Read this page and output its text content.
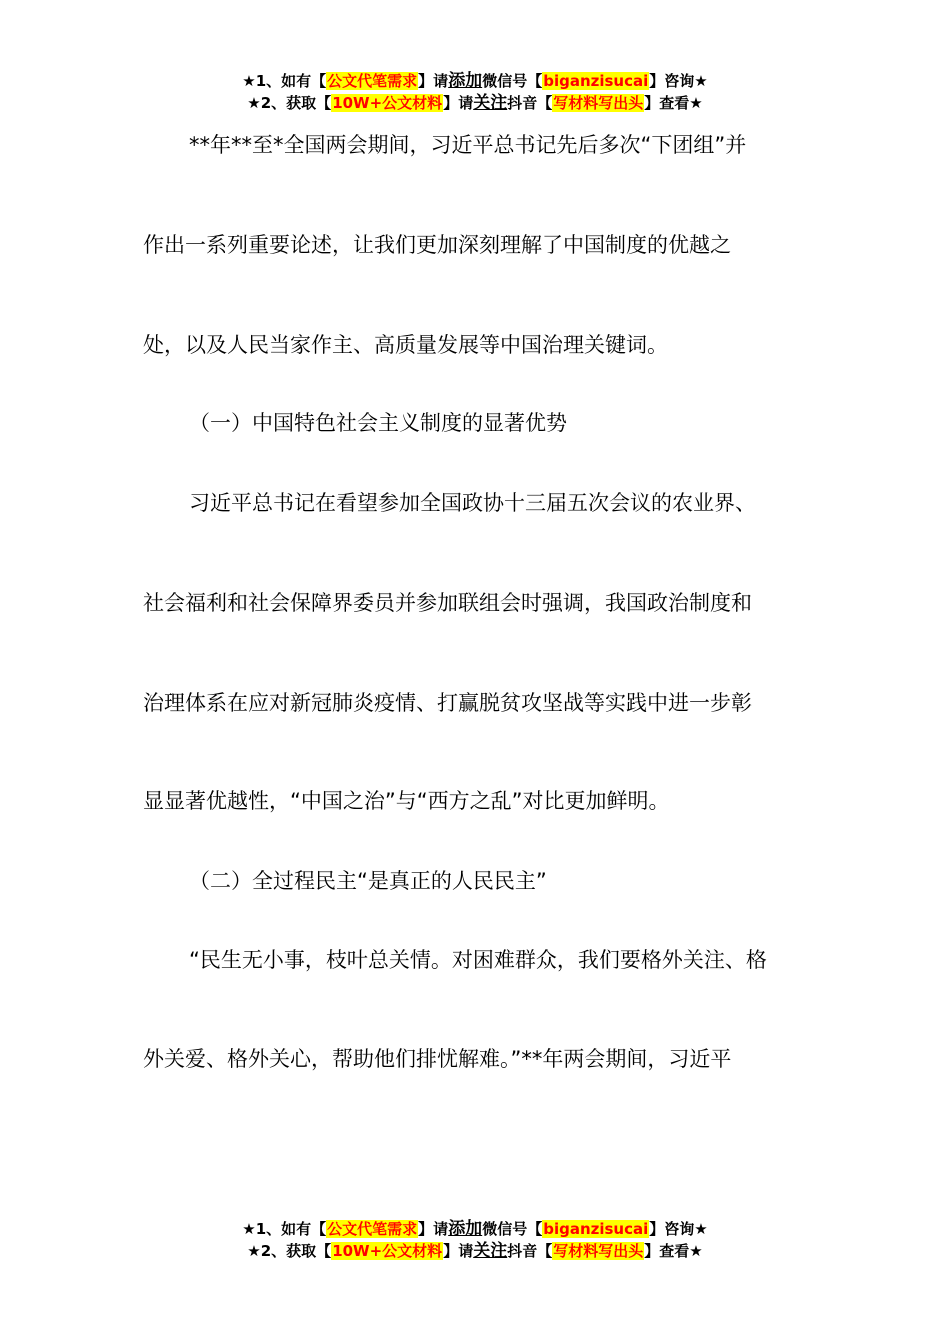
★1、如有【公文代笔需求】请添加微信号【biganzisucai】咨询★
★2、获取【10W+公文材料】请关注抖音【写材料写出头】查看★

**年**至*全国两会期间，习近平总书记先后多次“下团组”并

作出一系列重要论述，让我们更加深刻理解了中国制度的优越之

处，以及人民当家作主、高质量发展等中国治理关键词。

（一）中国特色社会主义制度的显著优势

习近平总书记在看望参加全国政协十三届五次会议的农业界、

社会福利和社会保障界委员并参加联组会时强调，我国政治制度和

治理体系在应对新冠肺炎疫情、打赢脱贫攻坚战等实践中进一步彰

显显著优越性，“中国之治”与“西方之乱”对比更加鲜明。

（二）全过程民主“是真正的人民民主”

“民生无小事，枝叶总关情。对困难群众，我们要格外关注、格

外关爱、格外关心，帮助他们排忧解难。”**年两会期间，习近平

★1、如有【公文代笔需求】请添加微信号【biganzisucai】咨询★
★2、获取【10W+公文材料】请关注抖音【写材料写出头】查看★
